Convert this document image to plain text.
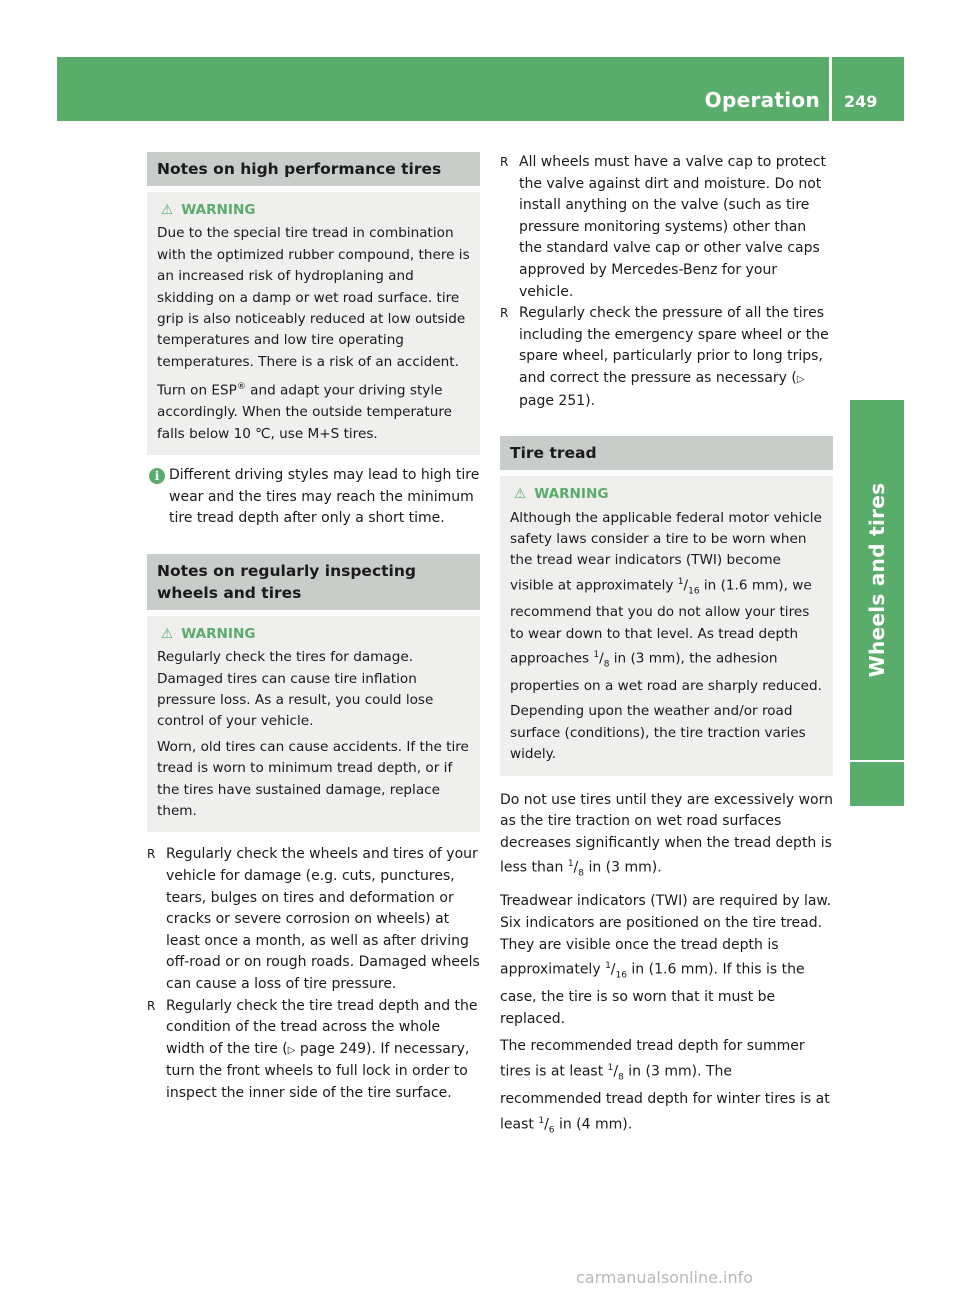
Operation 249
Wheels and tires
Notes on high performance tires
⚠ WARNING

Due to the special tire tread in combination with the optimized rubber compound, there is an increased risk of hydroplaning and skidding on a damp or wet road surface. tire grip is also noticeably reduced at low outside temperatures and low tire operating temperatures. There is a risk of an accident.

Turn on ESP® and adapt your driving style accordingly. When the outside temperature falls below 10 ℃, use M+S tires.

i Different driving styles may lead to high tire wear and the tires may reach the minimum tire tread depth after only a short time.
Notes on regularly inspecting wheels and tires
⚠ WARNING

Regularly check the tires for damage. Damaged tires can cause tire inflation pressure loss. As a result, you could lose control of your vehicle.

Worn, old tires can cause accidents. If the tire tread is worn to minimum tread depth, or if the tires have sustained damage, replace them.

R Regularly check the wheels and tires of your vehicle for damage (e.g. cuts, punctures, tears, bulges on tires and deformation or cracks or severe corrosion on wheels) at least once a month, as well as after driving off-road or on rough roads. Damaged wheels can cause a loss of tire pressure.
R Regularly check the tire tread depth and the condition of the tread across the whole width of the tire (▷ page 249). If necessary, turn the front wheels to full lock in order to inspect the inner side of the tire surface.
R All wheels must have a valve cap to protect the valve against dirt and moisture. Do not install anything on the valve (such as tire pressure monitoring systems) other than the standard valve cap or other valve caps approved by Mercedes-Benz for your vehicle.
R Regularly check the pressure of all the tires including the emergency spare wheel or the spare wheel, particularly prior to long trips, and correct the pressure as necessary (▷ page 251).
Tire tread
⚠ WARNING

Although the applicable federal motor vehicle safety laws consider a tire to be worn when the tread wear indicators (TWI) become visible at approximately $^1/_{16}$ in (1.6 mm), we recommend that you do not allow your tires to wear down to that level. As tread depth approaches $^1/_8$ in (3 mm), the adhesion properties on a wet road are sharply reduced.

Depending upon the weather and/or road surface (conditions), the tire traction varies widely.

Do not use tires until they are excessively worn as the tire traction on wet road surfaces decreases significantly when the tread depth is less than $^1/_8$ in (3 mm).
Treadwear indicators (TWI) are required by law. Six indicators are positioned on the tire tread. They are visible once the tread depth is approximately $^1/_{16}$ in (1.6 mm). If this is the case, the tire is so worn that it must be replaced.
The recommended tread depth for summer tires is at least $^1/_8$ in (3 mm). The recommended tread depth for winter tires is at least $^1/_6$ in (4 mm).
carmanualsonline.info
